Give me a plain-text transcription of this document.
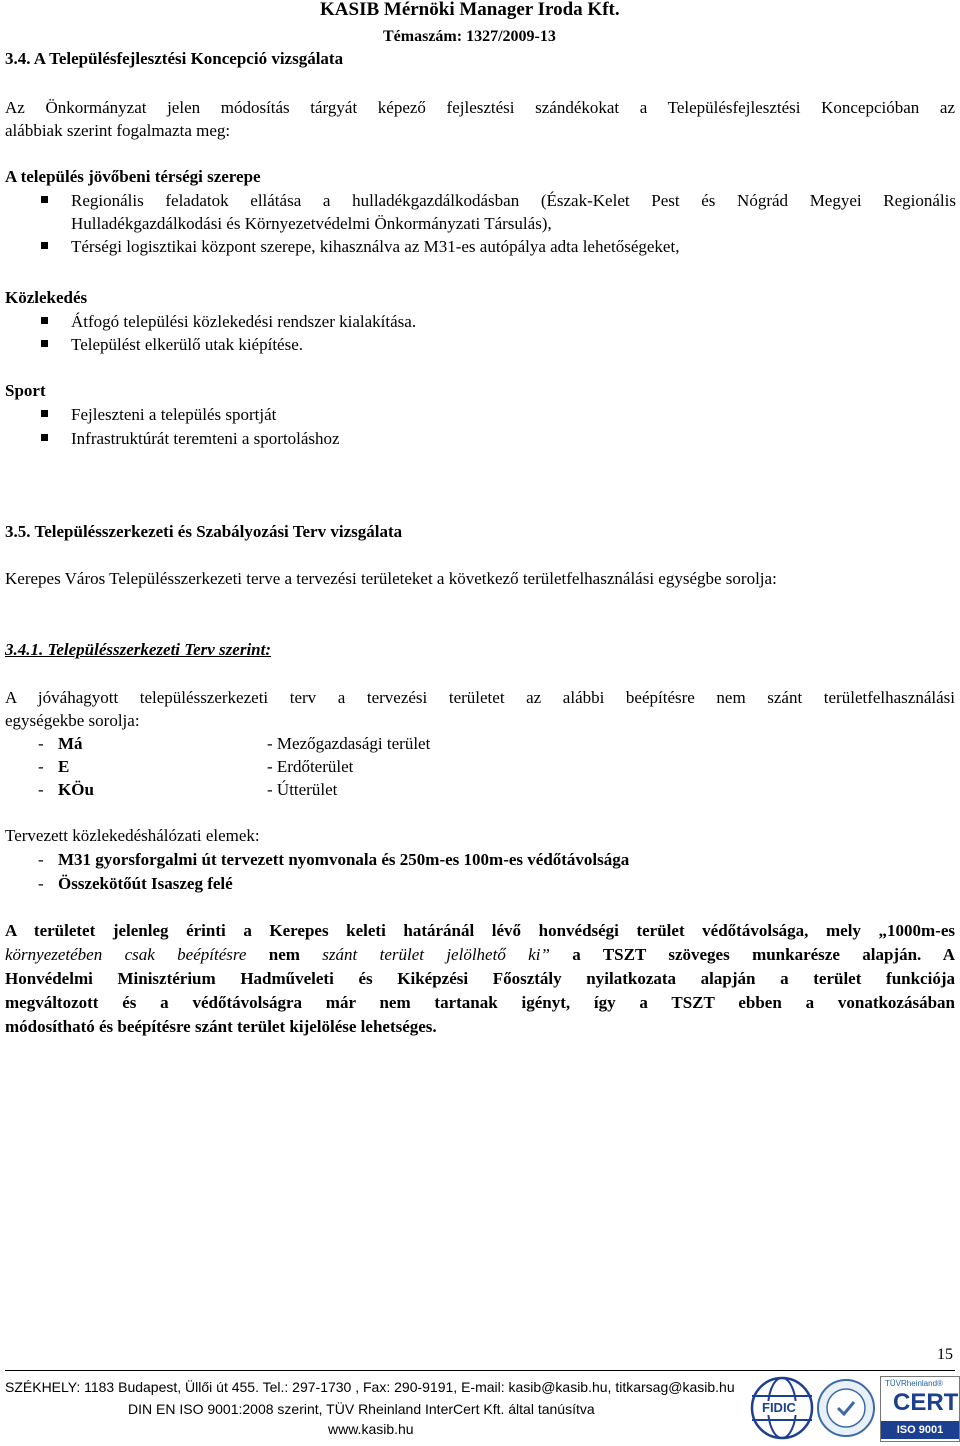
KASIB Mérnöki Manager Iroda Kft.
Témaszám: 1327/2009-13
3.4. A Településfejlesztési Koncepció vizsgálata
Az Önkormányzat jelen módosítás tárgyát képező fejlesztési szándékokat a Településfejlesztési Koncepcióban az
alábbiak szerint fogalmazta meg:
A település jövőbeni térségi szerepe
Regionális feladatok ellátása a hulladékgazdálkodásban (Észak-Kelet Pest és Nógrád Megyei Regionális
Hulladékgazdálkodási és Környezetvédelmi Önkormányzati Társulás),
Térségi logisztikai központ szerepe, kihasználva az M31-es autópálya adta lehetőségeket,
Közlekedés
Átfogó települési közlekedési rendszer kialakítása.
Települést elkerülő utak kiépítése.
Sport
Fejleszteni a település sportját
Infrastruktúrát teremteni a sportoláshoz
3.5. Településszerkezeti és Szabályozási Terv vizsgálata
Kerepes Város Településszerkezeti terve a tervezési területeket a következő területfelhasználási egységbe sorolja:
3.4.1. Településszerkezeti Terv szerint:
A jóváhagyott településszerkezeti terv a tervezési területet az alábbi beépítésre nem szánt területfelhasználási
egységekbe sorolja:
- Má	- Mezőgazdasági terület
- E	- Erdőterület
- KÖu	- Útterület
Tervezett közlekedéshálózati elemek:
- M31 gyorsforgalmi út tervezett nyomvonala és 250m-es 100m-es védőtávolsága
- Összekötőút Isaszeg felé
A területet jelenleg érinti a Kerepes keleti határánál lévő honvédségi terület védőtávolsága, mely „1000m-es
környezetében csak beépítésre nem szánt terület jelölhető ki” a TSZT szöveges munkarésze alapján. A
Honvédelmi Minisztérium Hadműveleti és Kiképzési Főosztály nyilatkozata alapján a terület funkciója
megváltozott és a védőtávolságra már nem tartanak igényt, így a TSZT ebben a vonatkozásában
módosítható és beépítésre szánt terület kijelölése lehetséges.
15
SZÉKHELY: 1183 Budapest, Üllői út 455. Tel.: 297-1730 , Fax: 290-9191, E-mail: kasib@kasib.hu, titkarsag@kasib.hu
DIN EN ISO 9001:2008 szerint, TÜV Rheinland InterCert Kft. által tanúsítva
www.kasib.hu
FIDIC
TÜVRheinland®
CERT
ISO 9001
